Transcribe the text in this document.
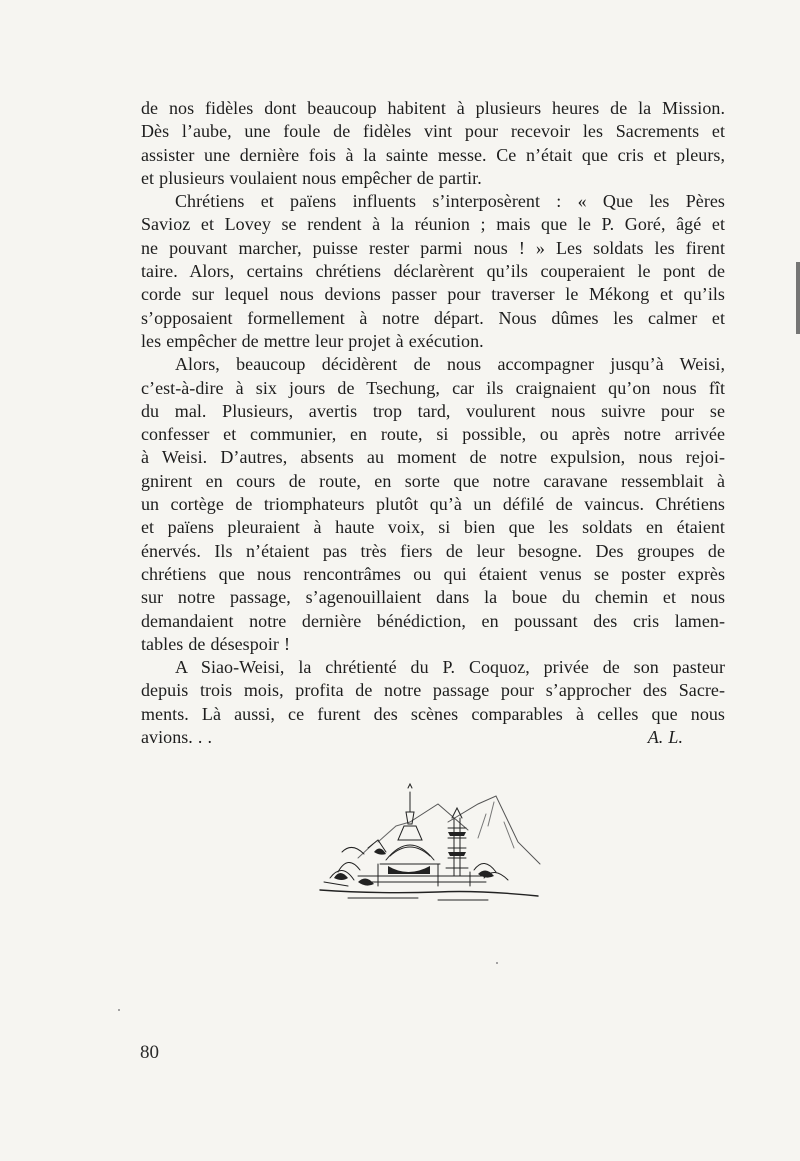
de nos fidèles dont beaucoup habitent à plusieurs heures de la Mission.
Dès l’aube, une foule de fidèles vint pour recevoir les Sacrements et
assister une dernière fois à la sainte messe. Ce n’était que cris et pleurs,
et plusieurs voulaient nous empêcher de partir.
Chrétiens et païens influents s’interposèrent : « Que les Pères
Savioz et Lovey se rendent à la réunion ; mais que le P. Goré, âgé et
ne pouvant marcher, puisse rester parmi nous ! » Les soldats les firent
taire. Alors, certains chrétiens déclarèrent qu’ils couperaient le pont de
corde sur lequel nous devions passer pour traverser le Mékong et qu’ils
s’opposaient formellement à notre départ. Nous dûmes les calmer et
les empêcher de mettre leur projet à exécution.
Alors, beaucoup décidèrent de nous accompagner jusqu’à Weisi,
c’est-à-dire à six jours de Tsechung, car ils craignaient qu’on nous fît
du mal. Plusieurs, avertis trop tard, voulurent nous suivre pour se
confesser et communier, en route, si possible, ou après notre arrivée
à Weisi. D’autres, absents au moment de notre expulsion, nous rejoi-
gnirent en cours de route, en sorte que notre caravane ressemblait à
un cortège de triomphateurs plutôt qu’à un défilé de vaincus. Chrétiens
et païens pleuraient à haute voix, si bien que les soldats en étaient
énervés. Ils n’étaient pas très fiers de leur besogne. Des groupes de
chrétiens que nous rencontrâmes ou qui étaient venus se poster exprès
sur notre passage, s’agenouillaient dans la boue du chemin et nous
demandaient notre dernière bénédiction, en poussant des cris lamen-
tables de désespoir !
A Siao-Weisi, la chrétienté du P. Coquoz, privée de son pasteur
depuis trois mois, profita de notre passage pour s’approcher des Sacre-
ments. Là aussi, ce furent des scènes comparables à celles que nous
avions. . .	A. L.
80
